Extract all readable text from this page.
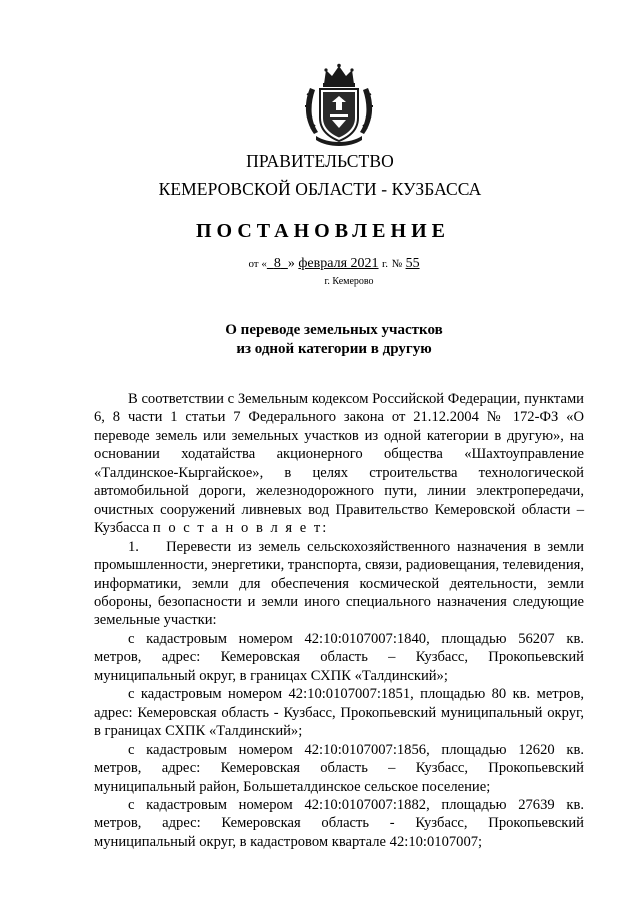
ПРАВИТЕЛЬСТВО
КЕМЕРОВСКОЙ ОБЛАСТИ - КУЗБАССА
ПОСТАНОВЛЕНИЕ
от « 8 » февраля 2021 г. № 55
г. Кемерово
О переводе земельных участков
из одной категории в другую

В соответствии с Земельным кодексом Российской Федерации, пунктами 6, 8 части 1 статьи 7 Федерального закона от 21.12.2004 № 172-ФЗ «О переводе земель или земельных участков из одной категории в другую», на основании ходатайства акционерного общества «Шахтоуправление «Талдинское-Кыргайское», в целях строительства технологической автомобильной дороги, железнодорожного пути, линии электропередачи, очистных сооружений ливневых вод Правительство Кемеровской области – Кузбасса п о с т а н о в л я е т:

1.    Перевести из земель сельскохозяйственного назначения в земли промышленности, энергетики, транспорта, связи, радиовещания, телевидения, информатики, земли для обеспечения космической деятельности, земли обороны, безопасности и земли иного специального назначения следующие земельные участки:

с кадастровым номером 42:10:0107007:1840, площадью 56207 кв. метров, адрес: Кемеровская область – Кузбасс, Прокопьевский муниципальный округ, в границах СХПК «Талдинский»;

с кадастровым номером 42:10:0107007:1851, площадью 80 кв. метров, адрес: Кемеровская область - Кузбасс, Прокопьевский муниципальный округ, в границах СХПК «Талдинский»;

с кадастровым номером 42:10:0107007:1856, площадью 12620 кв. метров, адрес: Кемеровская область – Кузбасс, Прокопьевский муниципальный район, Большеталдинское сельское поселение;

с кадастровым номером 42:10:0107007:1882, площадью 27639 кв. метров, адрес: Кемеровская область - Кузбасс, Прокопьевский муниципальный округ, в кадастровом квартале 42:10:0107007;
